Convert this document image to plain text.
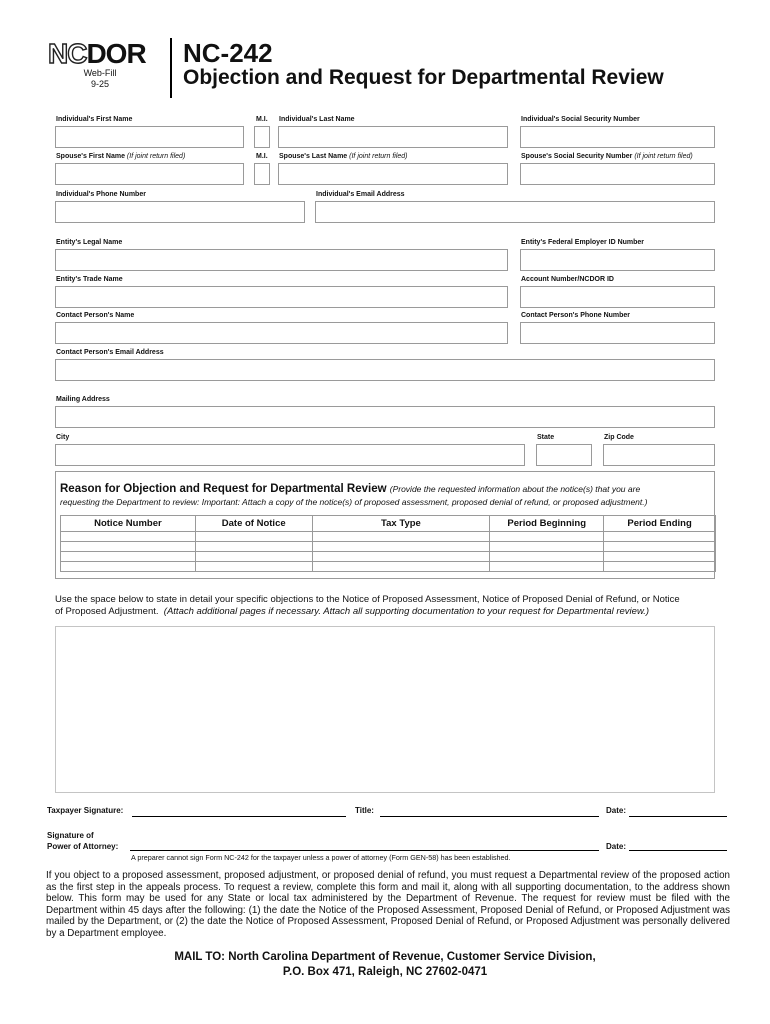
NCDOR
Web-Fill
9-25
NC-242
Objection and Request for Departmental Review
Individual's First Name	M.I. Individual's Last Name	Individual's Social Security Number
Spouse's First Name (If joint return filed)	M.I. Spouse's Last Name (If joint return filed)	Spouse's Social Security Number (If joint return filed)
Individual's Phone Number	Individual's Email Address
Entity's Legal Name	Entity's Federal Employer ID Number
Entity's Trade Name	Account Number/NCDOR ID
Contact Person's Name	Contact Person's Phone Number
Contact Person's Email Address
Mailing Address
City	State	Zip Code
Reason for Objection and Request for Departmental Review (Provide the requested information about the notice(s) that you are
requesting the Department to review: Important: Attach a copy of the notice(s) of proposed assessment, proposed denial of refund, or proposed adjustment.)
Notice Number	Date of Notice	Tax Type	Period Beginning	Period Ending

Use the space below to state in detail your specific objections to the Notice of Proposed Assessment, Notice of Proposed Denial of Refund, or Notice
of Proposed Adjustment. (Attach additional pages if necessary. Attach all supporting documentation to your request for Departmental review.)
Taxpayer Signature:	Title:	Date:
Signature of
Power of Attorney:	Date:
A preparer cannot sign Form NC-242 for the taxpayer unless a power of attorney (Form GEN-58) has been established.
If you object to a proposed assessment, proposed adjustment, or proposed denial of refund, you must request a Departmental review of the proposed action as the first step in the appeals process. To request a review, complete this form and mail it, along with all supporting documentation, to the address shown below. This form may be used for any State or local tax administered by the Department of Revenue. The request for review must be filed with the Department within 45 days after the following: (1) the date the Notice of the Proposed Assessment, Proposed Denial of Refund, or Proposed Adjustment was mailed by the Department, or (2) the date the Notice of Proposed Assessment, Proposed Denial of Refund, or Proposed Adjustment was personally delivered by a Department employee.
MAIL TO: North Carolina Department of Revenue, Customer Service Division,
P.O. Box 471, Raleigh, NC 27602-0471
